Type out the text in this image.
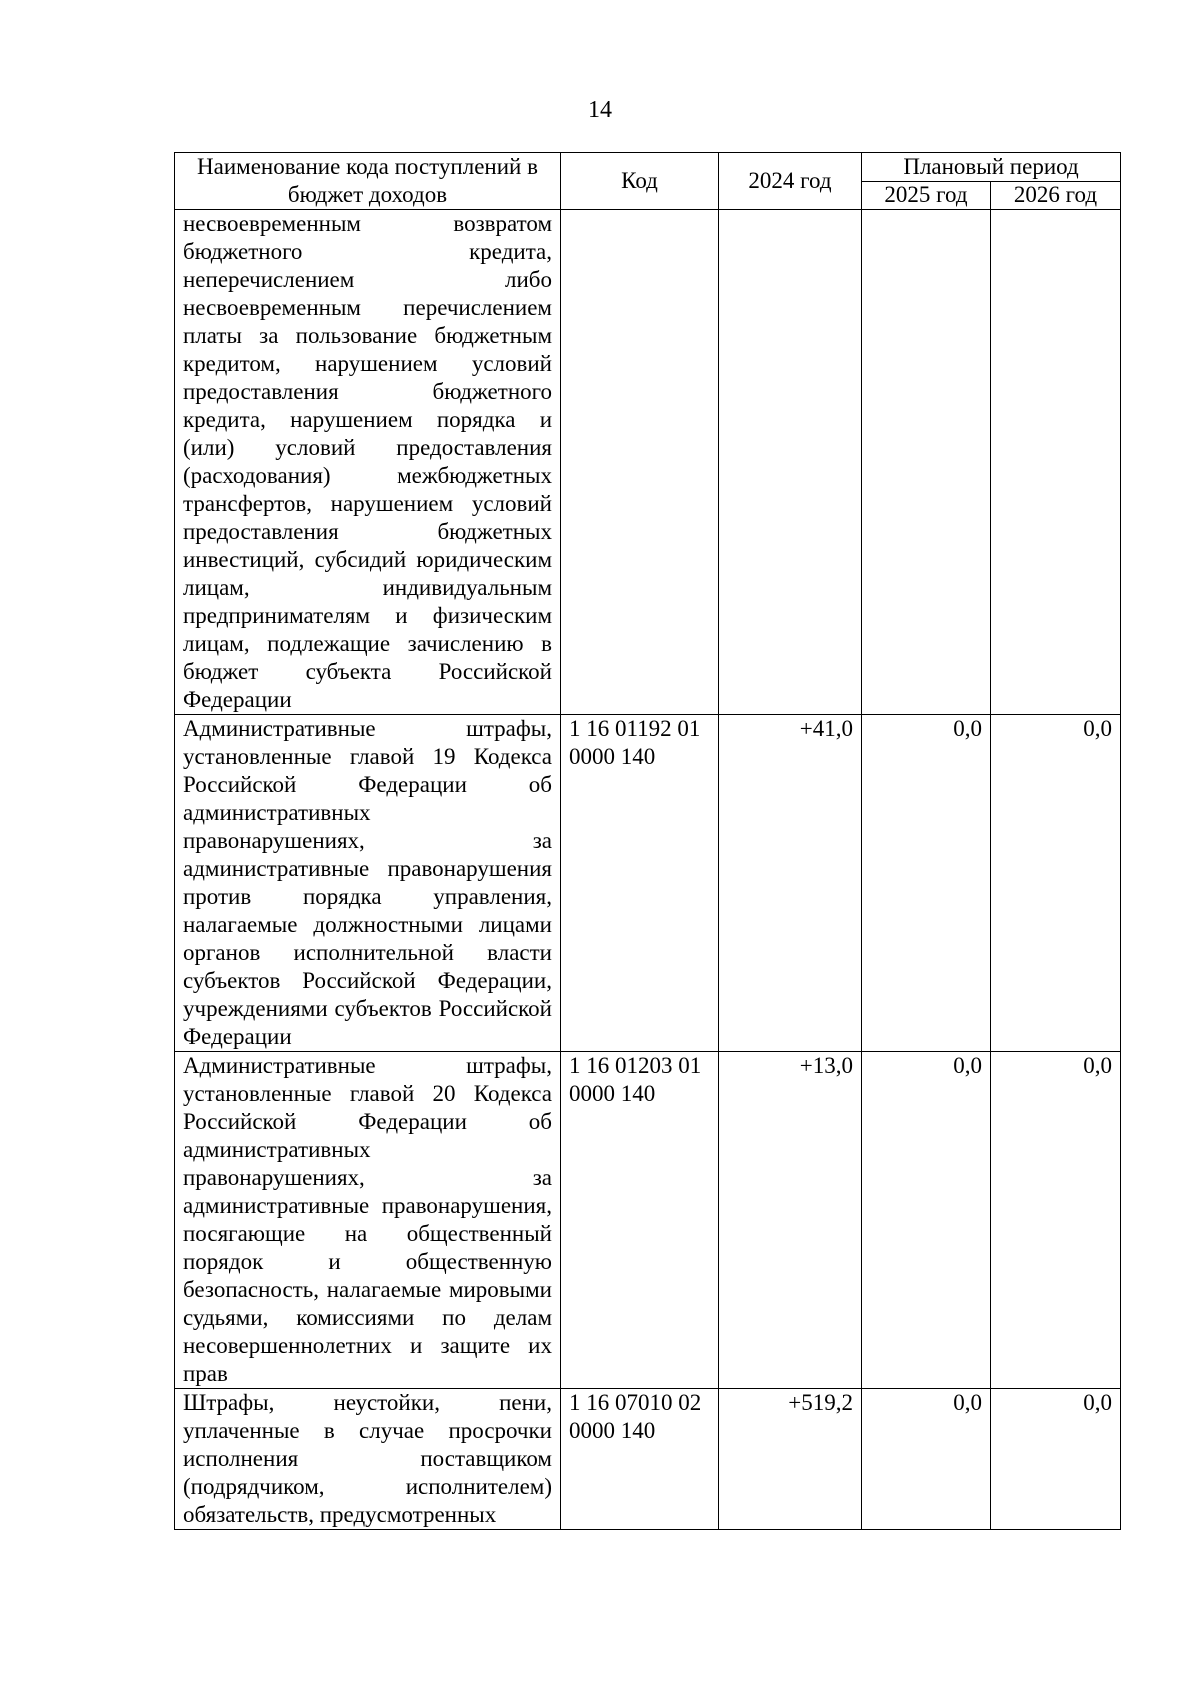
14
Наименование кода поступлений в бюджет доходов	Код	2024 год	Плановый период	
			2025 год	2026 год
несвоевременным возвратом бюджетного кредита, неперечислением либо несвоевременным перечислением платы за пользование бюджетным кредитом, нарушением условий предоставления бюджетного кредита, нарушением порядка и (или) условий предоставления (расходования) межбюджетных трансфертов, нарушением условий предоставления бюджетных инвестиций, субсидий юридическим лицам, индивидуальным предпринимателям и физическим лицам, подлежащие зачислению в бюджет субъекта Российской Федерации				
Административные штрафы, установленные главой 19 Кодекса Российской Федерации об административных правонарушениях, за административные правонарушения против порядка управления, налагаемые должностными лицами органов исполнительной власти субъектов Российской Федерации, учреждениями субъектов Российской Федерации	1 16 01192 01 0000 140	+41,0	0,0	0,0
Административные штрафы, установленные главой 20 Кодекса Российской Федерации об административных правонарушениях, за административные правонарушения, посягающие на общественный порядок и общественную безопасность, налагаемые мировыми судьями, комиссиями по делам несовершеннолетних и защите их прав	1 16 01203 01 0000 140	+13,0	0,0	0,0
Штрафы, неустойки, пени, уплаченные в случае просрочки исполнения поставщиком (подрядчиком, исполнителем) обязательств, предусмотренных	1 16 07010 02 0000 140	+519,2	0,0	0,0
